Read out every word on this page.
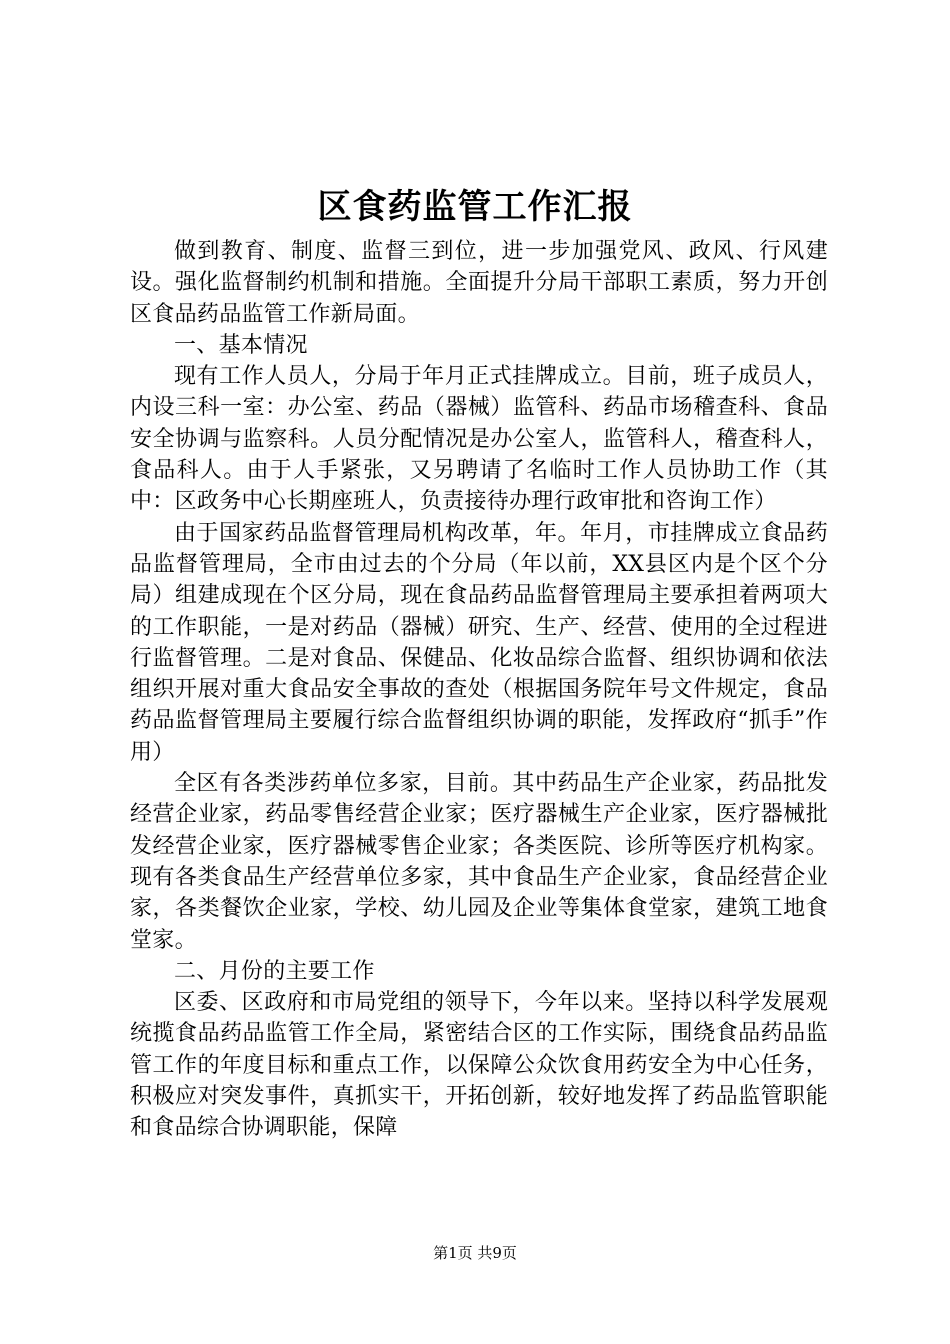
区食药监管工作汇报

做到教育、制度、监督三到位，进一步加强党风、政风、行风建设。强化监督制约机制和措施。全面提升分局干部职工素质，努力开创区食品药品监管工作新局面。

一、基本情况

现有工作人员人，分局于年月正式挂牌成立。目前，班子成员人，内设三科一室：办公室、药品（器械）监管科、药品市场稽查科、食品安全协调与监察科。人员分配情况是办公室人，监管科人，稽查科人，食品科人。由于人手紧张，又另聘请了名临时工作人员协助工作（其中：区政务中心长期座班人，负责接待办理行政审批和咨询工作）

由于国家药品监督管理局机构改革，年。年月，市挂牌成立食品药品监督管理局，全市由过去的个分局（年以前，XX县区内是个区个分局）组建成现在个区分局，现在食品药品监督管理局主要承担着两项大的工作职能，一是对药品（器械）研究、生产、经营、使用的全过程进行监督管理。二是对食品、保健品、化妆品综合监督、组织协调和依法组织开展对重大食品安全事故的查处（根据国务院年号文件规定，食品药品监督管理局主要履行综合监督组织协调的职能，发挥政府“抓手”作用）

全区有各类涉药单位多家，目前。其中药品生产企业家，药品批发经营企业家，药品零售经营企业家；医疗器械生产企业家，医疗器械批发经营企业家，医疗器械零售企业家；各类医院、诊所等医疗机构家。现有各类食品生产经营单位多家，其中食品生产企业家，食品经营企业家，各类餐饮企业家，学校、幼儿园及企业等集体食堂家，建筑工地食堂家。

二、月份的主要工作

区委、区政府和市局党组的领导下，今年以来。坚持以科学发展观统揽食品药品监管工作全局，紧密结合区的工作实际，围绕食品药品监管工作的年度目标和重点工作，以保障公众饮食用药安全为中心任务，积极应对突发事件，真抓实干，开拓创新，较好地发挥了药品监管职能和食品综合协调职能，保障

第1页 共9页
